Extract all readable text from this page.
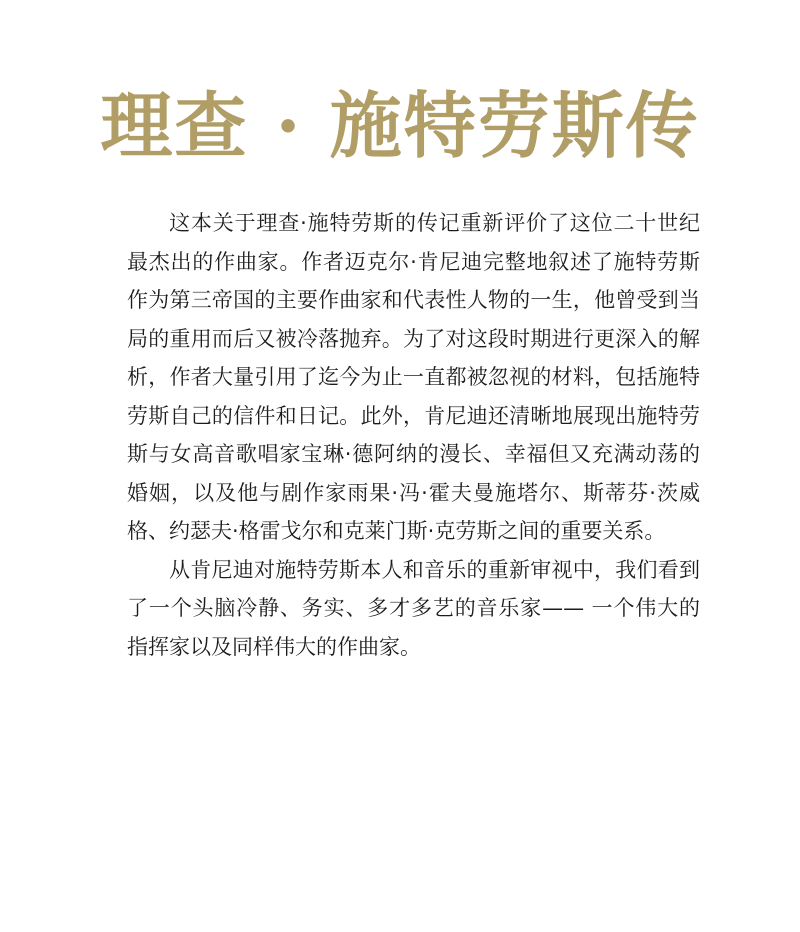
理查 · 施特劳斯传

这本关于理查·施特劳斯的传记重新评价了这位二十世纪最杰出的作曲家。作者迈克尔·肯尼迪完整地叙述了施特劳斯作为第三帝国的主要作曲家和代表性人物的一生，他曾受到当局的重用而后又被冷落抛弃。为了对这段时期进行更深入的解析，作者大量引用了迄今为止一直都被忽视的材料，包括施特劳斯自己的信件和日记。此外，肯尼迪还清晰地展现出施特劳斯与女高音歌唱家宝琳·德阿纳的漫长、幸福但又充满动荡的婚姻，以及他与剧作家雨果·冯·霍夫曼施塔尔、斯蒂芬·茨威格、约瑟夫·格雷戈尔和克莱门斯·克劳斯之间的重要关系。

从肯尼迪对施特劳斯本人和音乐的重新审视中，我们看到了一个头脑冷静、务实、多才多艺的音乐家—— 一个伟大的指挥家以及同样伟大的作曲家。
